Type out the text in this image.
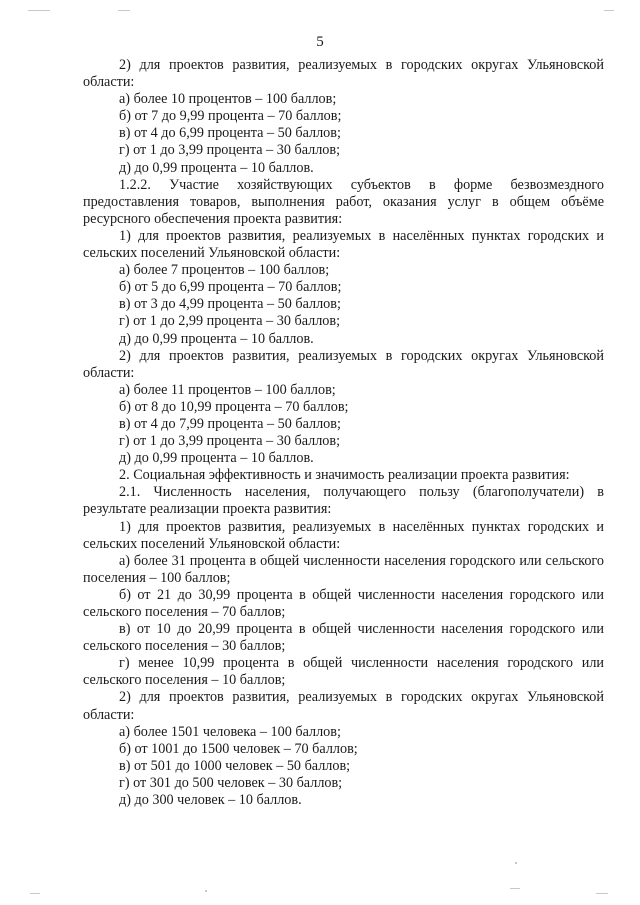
5

2) для проектов развития, реализуемых в городских округах Ульяновской области:

а) более 10 процентов – 100 баллов;

б) от 7 до 9,99 процента – 70 баллов;

в) от 4 до 6,99 процента – 50 баллов;

г) от 1 до 3,99 процента – 30 баллов;

д) до 0,99 процента – 10 баллов.

1.2.2. Участие хозяйствующих субъектов в форме безвозмездного предоставления товаров, выполнения работ, оказания услуг в общем объёме ресурсного обеспечения проекта развития:

1) для проектов развития, реализуемых в населённых пунктах городских и сельских поселений Ульяновской области:

а) более 7 процентов – 100 баллов;

б) от 5 до 6,99 процента – 70 баллов;

в) от 3 до 4,99 процента – 50 баллов;

г) от 1 до 2,99 процента – 30 баллов;

д) до 0,99 процента – 10 баллов.

2) для проектов развития, реализуемых в городских округах Ульяновской области:

а) более 11 процентов – 100 баллов;

б) от 8 до 10,99 процента – 70 баллов;

в) от 4 до 7,99 процента – 50 баллов;

г) от 1 до 3,99 процента – 30 баллов;

д) до 0,99 процента – 10 баллов.

2. Социальная эффективность и значимость реализации проекта развития:

2.1. Численность населения, получающего пользу (благополучатели) в результате реализации проекта развития:

1) для проектов развития, реализуемых в населённых пунктах городских и сельских поселений Ульяновской области:

а) более 31 процента в общей численности населения городского или сельского поселения – 100 баллов;

б) от 21 до 30,99 процента в общей численности населения городского или сельского поселения – 70 баллов;

в) от 10 до 20,99 процента в общей численности населения городского или сельского поселения – 30 баллов;

г) менее 10,99 процента в общей численности населения городского или сельского поселения – 10 баллов;

2) для проектов развития, реализуемых в городских округах Ульяновской области:

а) более 1501 человека – 100 баллов;

б) от 1001 до 1500 человек – 70 баллов;

в) от 501 до 1000 человек – 50 баллов;

г) от 301 до 500 человек – 30 баллов;

д) до 300 человек – 10 баллов.
